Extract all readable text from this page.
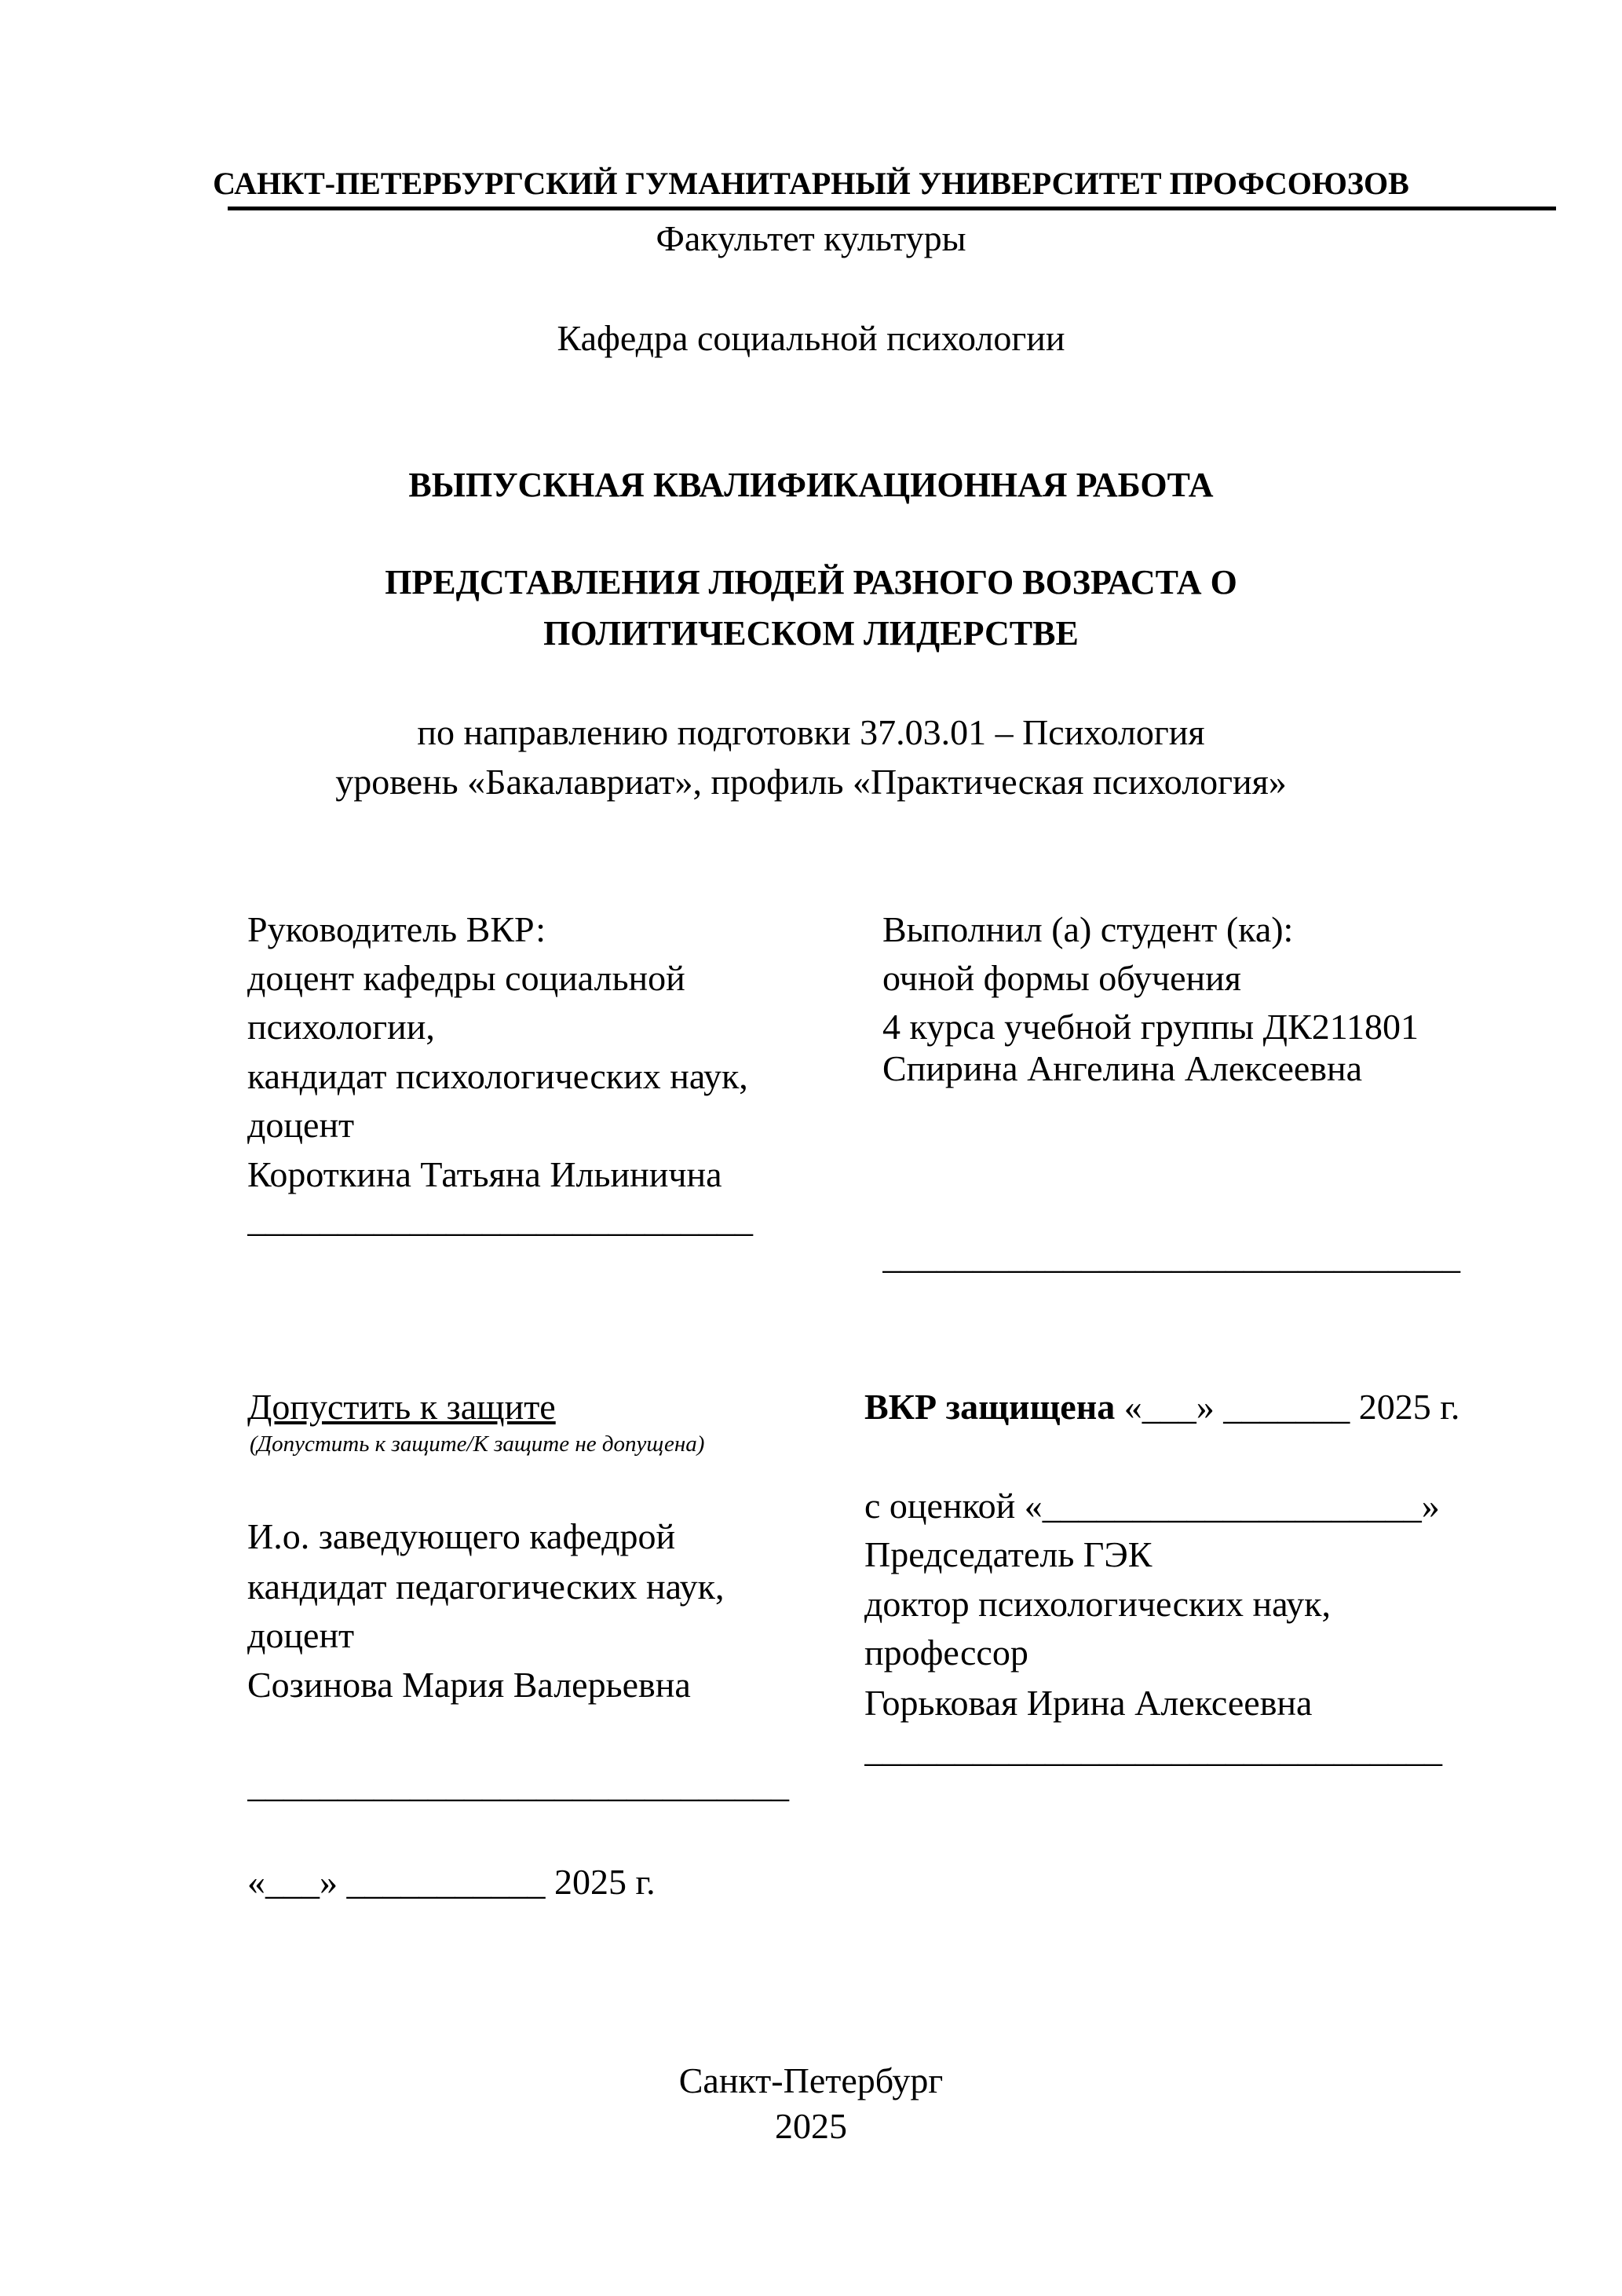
САНКТ-ПЕТЕРБУРГСКИЙ ГУМАНИТАРНЫЙ УНИВЕРСИТЕТ ПРОФСОЮЗОВ
Факультет культуры
Кафедра социальной психологии
ВЫПУСКНАЯ КВАЛИФИКАЦИОННАЯ РАБОТА
ПРЕДСТАВЛЕНИЯ ЛЮДЕЙ РАЗНОГО ВОЗРАСТА О
ПОЛИТИЧЕСКОМ ЛИДЕРСТВЕ
по направлению подготовки 37.03.01 – Психология
уровень «Бакалавриат», профиль «Практическая психология»
Руководитель ВКР:
доцент кафедры социальной
психологии,
кандидат психологических наук,
доцент
Короткина Татьяна Ильинична
____________________________
Выполнил (а) студент (ка):
очной формы обучения
4 курса учебной группы ДК211801
Спирина Ангелина Алексеевна
________________________________
Допустить к защите
(Допустить к защите/К защите не допущена)
И.о. заведующего кафедрой
кандидат педагогических наук,
доцент
Созинова Мария Валерьевна
______________________________
«___» ___________ 2025 г.
ВКР защищена «___» _______ 2025 г.
с оценкой «_____________________»
Председатель ГЭК
доктор психологических наук,
профессор
Горьковая Ирина Алексеевна
________________________________
Санкт-Петербург
2025
